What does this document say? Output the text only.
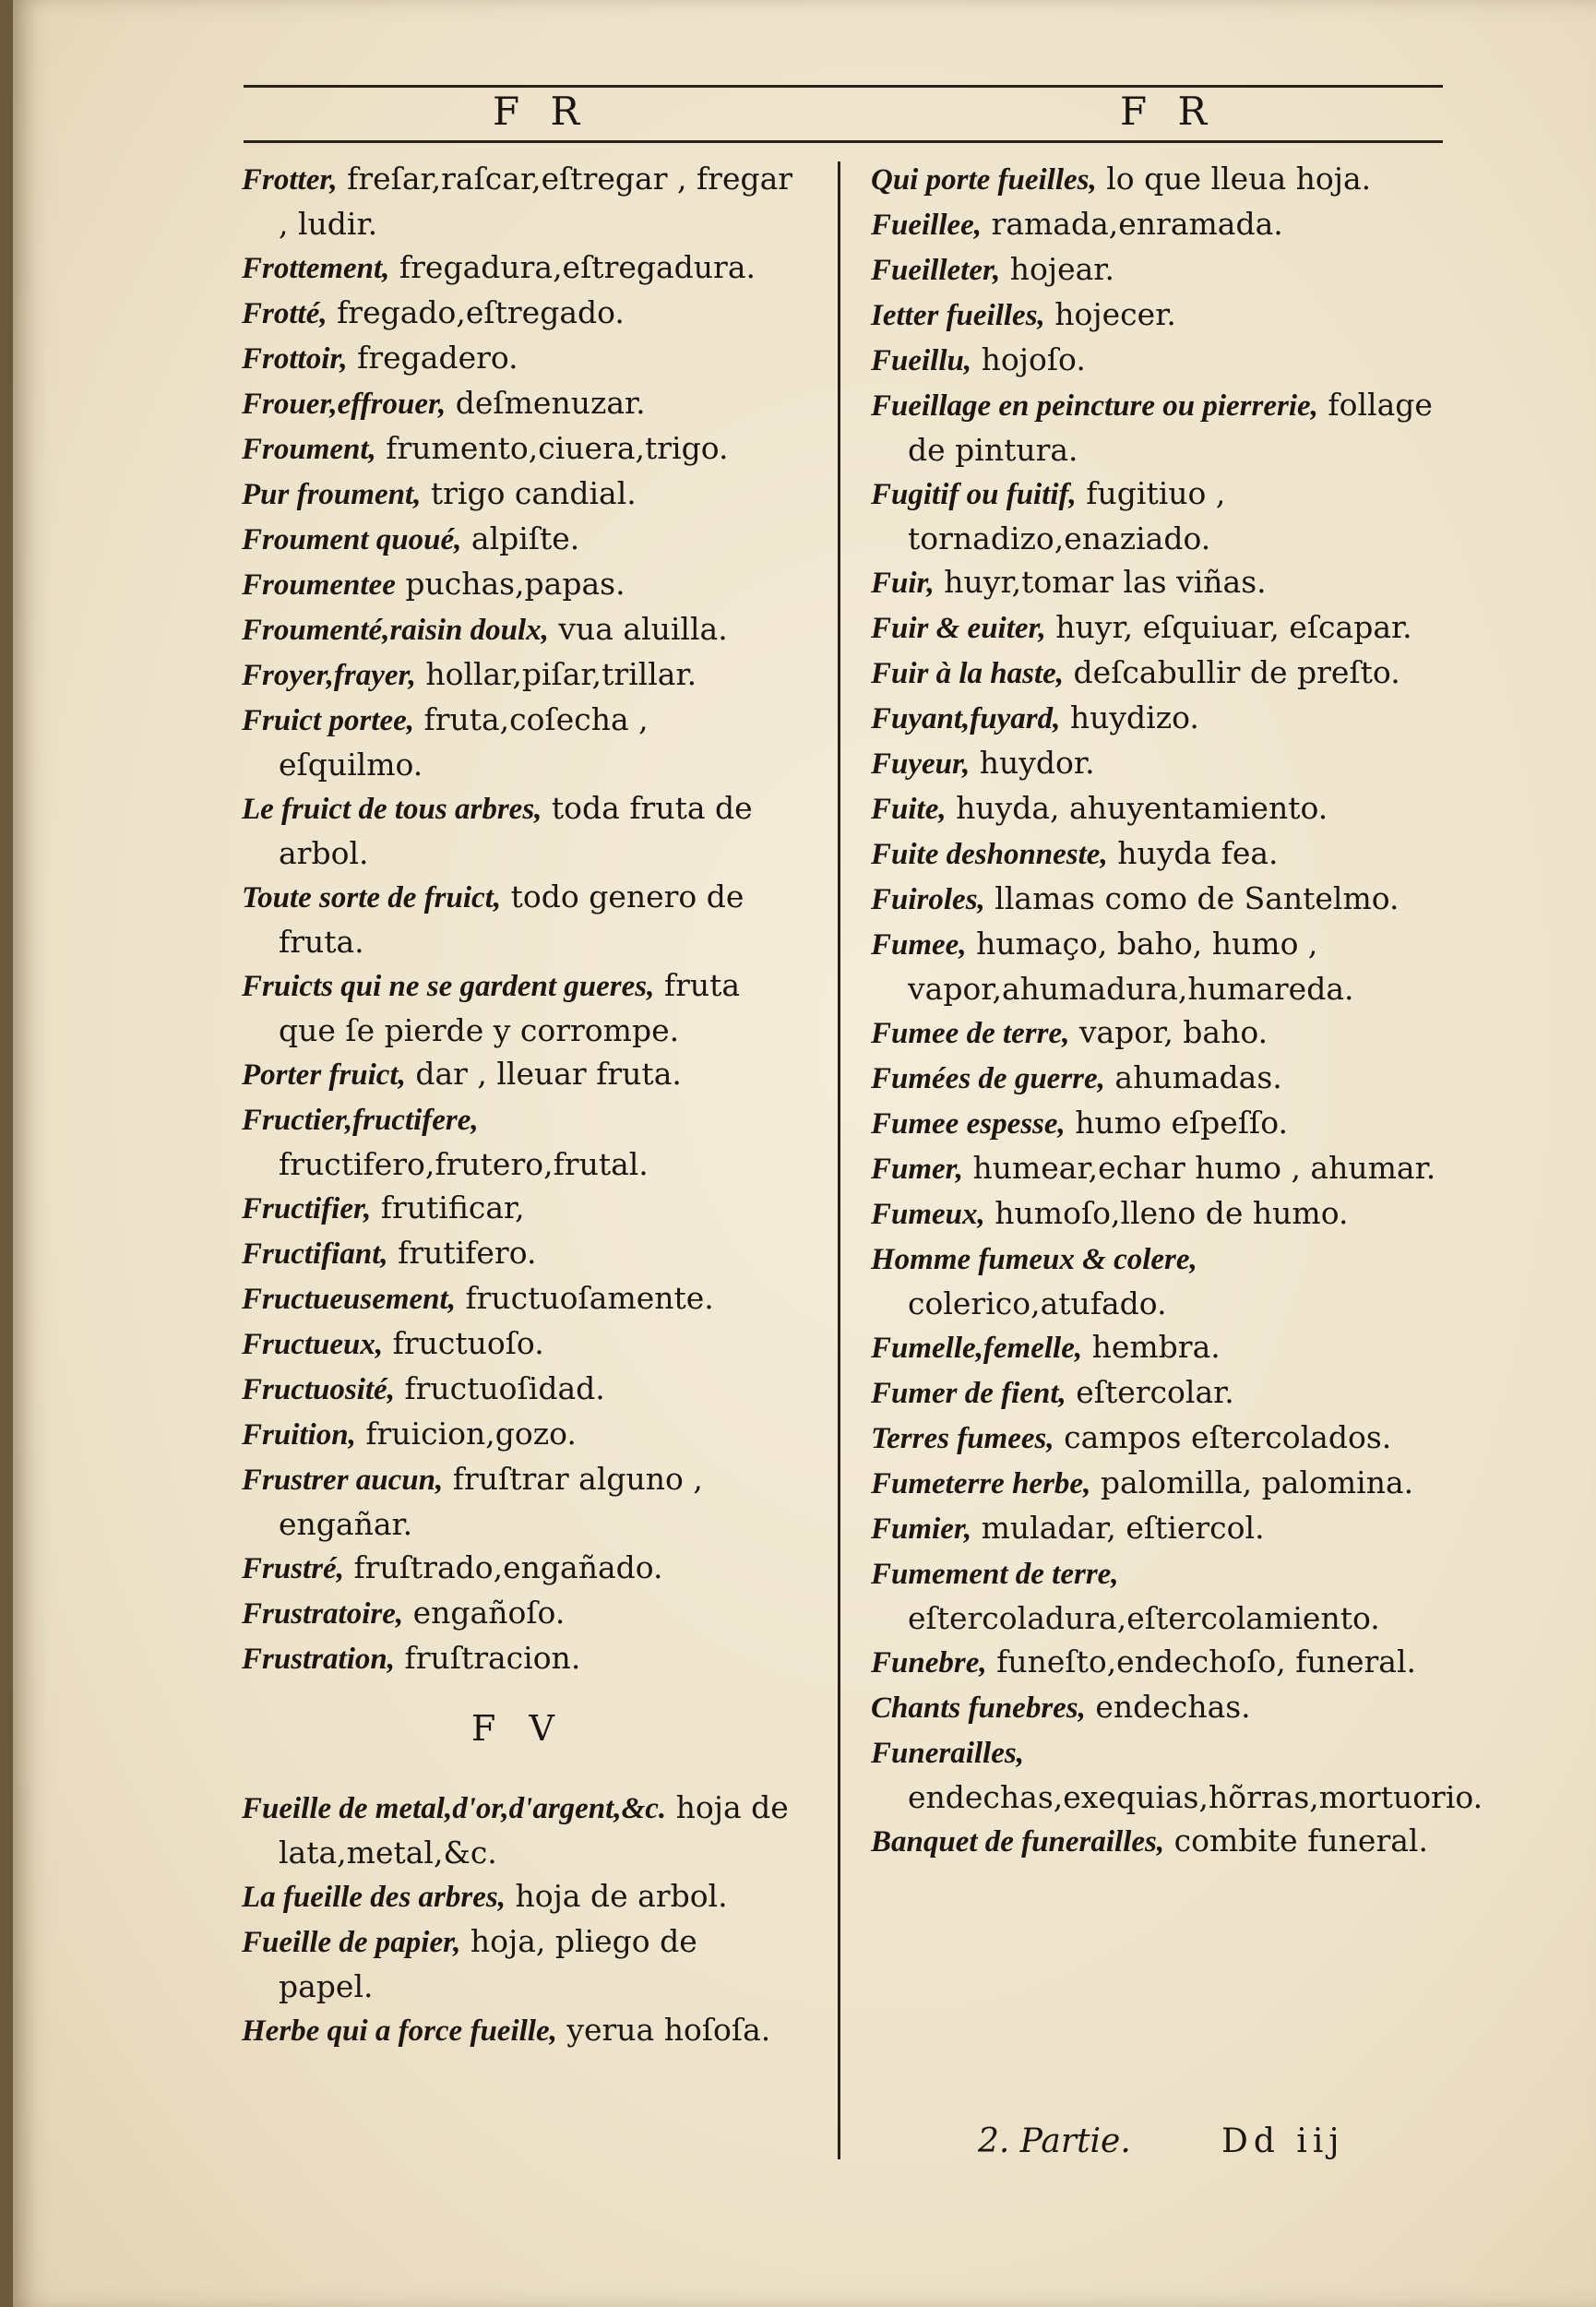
F R	F R

Frotter, freſar,raſcar,eſtregar , fregar , ludir.

Frottement, fregadura,eſtregadura.

Frotté, fregado,eſtregado.

Frottoir, fregadero.

Frouer,effrouer, deſmenuzar.

Froument, frumento,ciuera,trigo.

Pur froument, trigo candial.

Froument quoué, alpiſte.

Froumentee puchas,papas.

Froumenté,raisin doulx, vua aluilla.

Froyer,frayer, hollar,piſar,trillar.

Fruict portee, fruta,coſecha , eſquilmo.

Le fruict de tous arbres, toda fruta de arbol.

Toute sorte de fruict, todo genero de fruta.

Fruicts qui ne se gardent gueres, fruta que ſe pierde y corrompe.

Porter fruict, dar , lleuar fruta.

Fructier,fructifere, fructifero,frutero,frutal.

Fructifier, frutificar,

Fructifiant, frutifero.

Fructueusement, fructuoſamente.

Fructueux, fructuoſo.

Fructuosité, fructuoſidad.

Fruition, fruicion,gozo.

Frustrer aucun, fruſtrar alguno , engañar.

Frustré, fruſtrado,engañado.

Frustratoire, engañoſo.

Frustration, fruſtracion.

F V

Fueille de metal,d'or,d'argent,&c. hoja de lata,metal,&c.

La fueille des arbres, hoja de arbol.

Fueille de papier, hoja, pliego de papel.

Herbe qui a force fueille, yerua hoſoſa.

Qui porte fueilles, lo que lleua hoja.

Fueillee, ramada,enramada.

Fueilleter, hojear.

Ietter fueilles, hojecer.

Fueillu, hojoſo.

Fueillage en peincture ou pierrerie, follage de pintura.

Fugitif ou fuitif, fugitiuo , tornadizo,enaziado.

Fuir, huyr,tomar las viñas.

Fuir & euiter, huyr, eſquiuar, eſcapar.

Fuir à la haste, deſcabullir de preſto.

Fuyant,fuyard, huydizo.

Fuyeur, huydor.

Fuite, huyda, ahuyentamiento.

Fuite deshonneste, huyda fea.

Fuiroles, llamas como de Santelmo.

Fumee, humaço, baho, humo , vapor,ahumadura,humareda.

Fumee de terre, vapor, baho.

Fumées de guerre, ahumadas.

Fumee espesse, humo eſpeſſo.

Fumer, humear,echar humo , ahumar.

Fumeux, humoſo,lleno de humo.

Homme fumeux & colere, colerico,atufado.

Fumelle,femelle, hembra.

Fumer de fient, eſtercolar.

Terres fumees, campos eſtercolados.

Fumeterre herbe, palomilla, palomina.

Fumier, muladar, eſtiercol.

Fumement de terre, eſtercoladura,eſtercolamiento.

Funebre, funeſto,endechoſo, funeral.

Chants funebres, endechas.

Funerailles, endechas,exequias,hõrras,mortuorio.

Banquet de funerailles, combite funeral.

2. Partie.	Dd iij
